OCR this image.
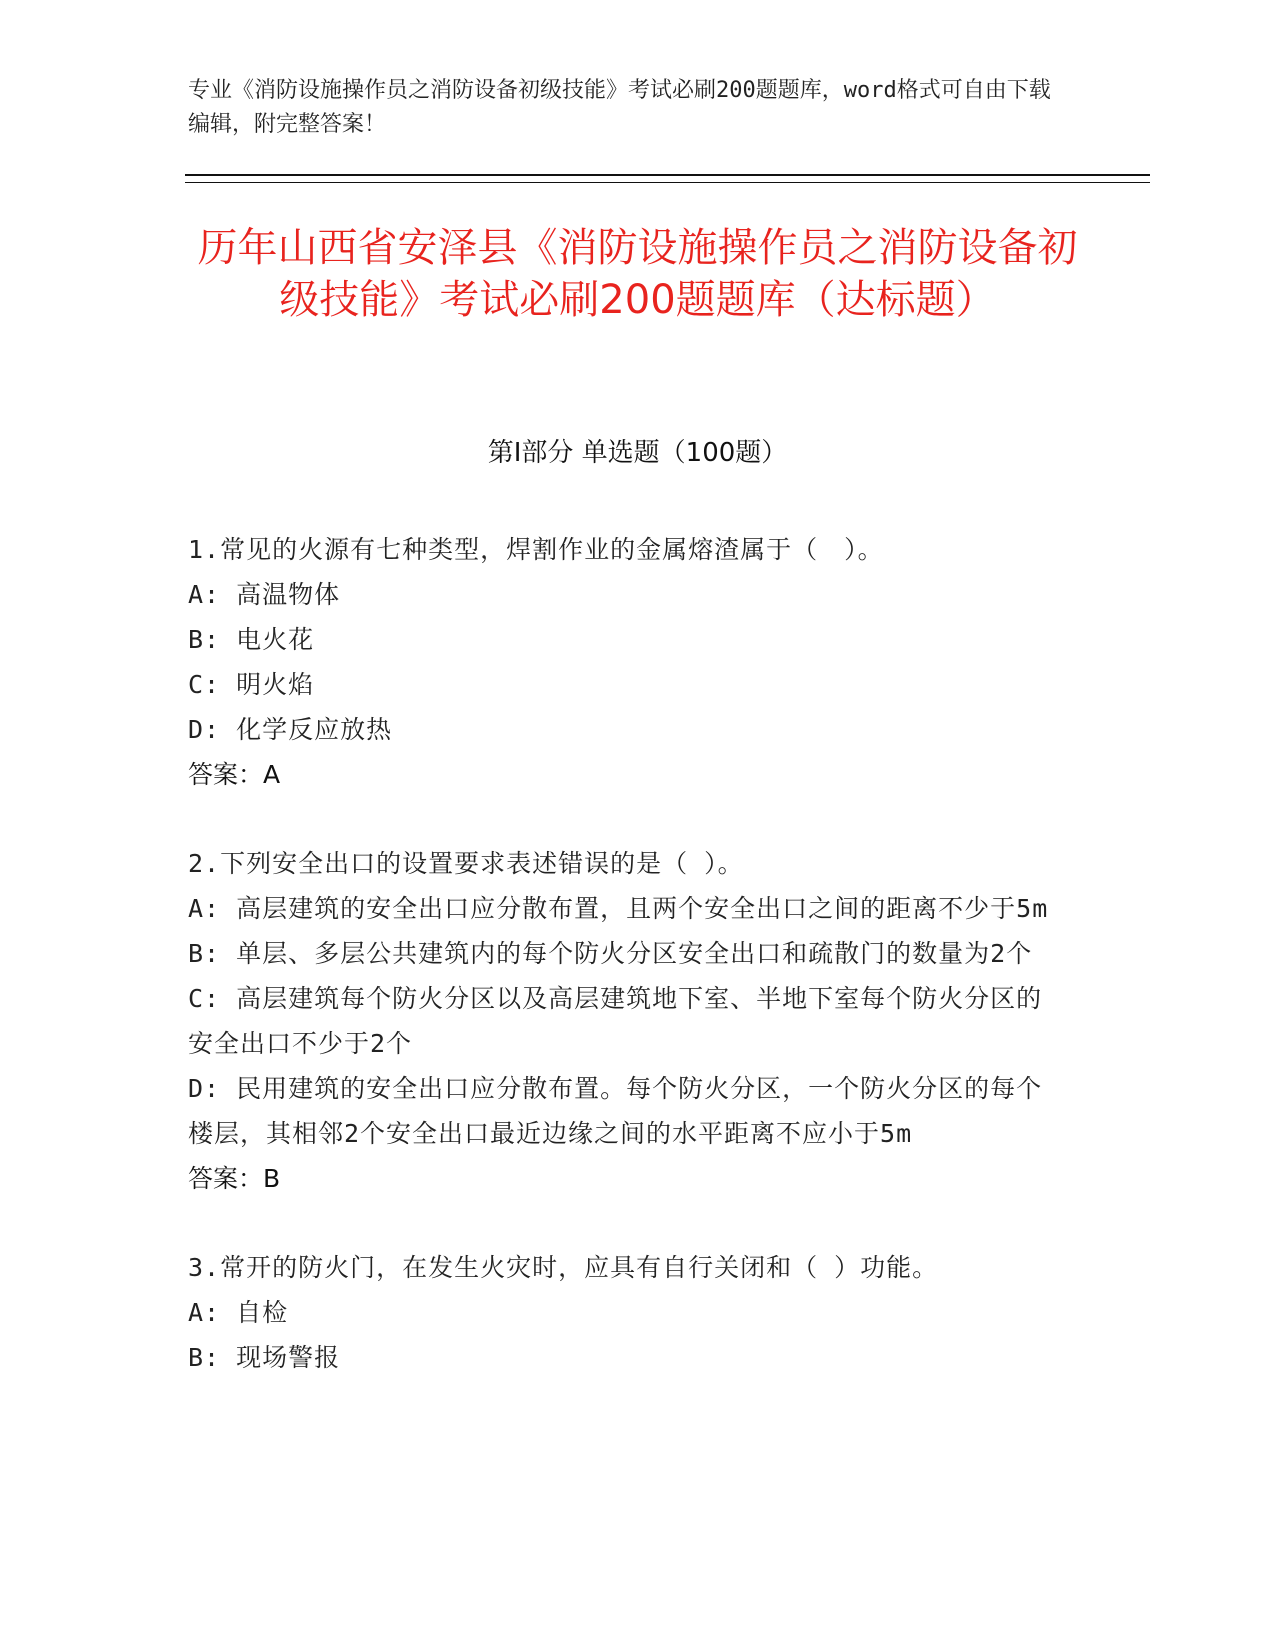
专业《消防设施操作员之消防设备初级技能》考试必刷200题题库，word格式可自由下载编辑，附完整答案！
历年山西省安泽县《消防设施操作员之消防设备初级技能》考试必刷200题题库（达标题）
第I部分 单选题（100题）
1.常见的火源有七种类型，焊割作业的金属熔渣属于（　）。
A: 高温物体
B: 电火花
C: 明火焰
D: 化学反应放热
答案：A
2.下列安全出口的设置要求表述错误的是（ ）。
A: 高层建筑的安全出口应分散布置，且两个安全出口之间的距离不少于5m
B: 单层、多层公共建筑内的每个防火分区安全出口和疏散门的数量为2个
C: 高层建筑每个防火分区以及高层建筑地下室、半地下室每个防火分区的安全出口不少于2个
D: 民用建筑的安全出口应分散布置。每个防火分区，一个防火分区的每个楼层，其相邻2个安全出口最近边缘之间的水平距离不应小于5m
答案：B
3.常开的防火门，在发生火灾时，应具有自行关闭和（ ）功能。
A: 自检
B: 现场警报
